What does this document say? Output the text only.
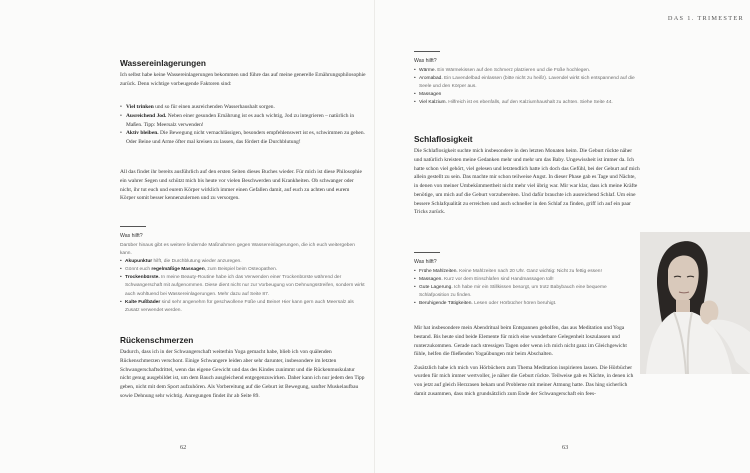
Wassereinlagerungen

Ich selbst habe keine Wassereinlagerungen bekommen und führe das auf meine generelle Ernährungsphilosophie zurück. Denn wichtige vorbeugende Faktoren sind:

• Viel trinken und so für einen ausreichenden Wasserhaushalt sorgen.
• Ausreichend Jod. Neben einer gesunden Ernährung ist es auch wichtig, Jod zu integrieren – natürlich in Maßen. Tipp: Meersalz verwenden!
• Aktiv bleiben. Die Bewegung nicht vernachlässigen, besonders empfehlenswert ist es, schwimmen zu gehen. Oder Beine und Arme öfter mal kreisen zu lassen, das fördert die Durchblutung!

All das findet ihr bereits ausführlich auf den ersten Seiten dieses Buches wieder. Für mich ist diese Philosophie ein wahrer Segen und schützt mich bis heute vor vielen Beschwerden und Krankheiten. Ob schwanger oder nicht, ihr tut euch und eurem Körper wirklich immer einen Gefallen damit, auf euch zu achten und eurem Körper somit besser kennenzulernen und zu versorgen.

Was hilft?
Darüber hinaus gibt es weitere lindernde Maßnahmen gegen Wassereinlagerungen, die ich euch weitergeben kann.
• Akupunktur hilft, die Durchblutung wieder anzuregen.
• Gönnt euch regelmäßige Massagen, zum Beispiel beim Osteopathen.
• Trockenbürste. In meine Beauty-Routine habe ich das Verwenden einer Trockenbürste während der Schwangerschaft mit aufgenommen. Diese dient nicht nur zur Vorbeugung von Dehnungsstreifen, sondern wirkt auch wohltuend bei Wassereinlagerungen. Mehr dazu auf Seite 87.
• Kalte Fußbäder sind sehr angenehm für geschwollene Füße und Beine! Hier kann gern auch Meersalz als Zusatz verwendet werden.
Rückenschmerzen

Dadurch, dass ich in der Schwangerschaft weiterhin Yoga gemacht habe, blieb ich von quälenden Rückenschmerzen verschont. Einige Schwangere leiden aber sehr darunter, insbesondere im letzten Schwangerschaftsdrittel, wenn das eigene Gewicht und das des Kindes zunimmt und die Rückenmuskulatur nicht genug ausgebildet ist, um dem Bauch ausgleichend entgegenzuwirken. Daher kann ich nur jedem den Tipp geben, nicht mit dem Sport aufzuhören. Als Vorbereitung auf die Geburt ist Bewegung, sanfter Muskelaufbau sowie Dehnung sehr wichtig. Anregungen findet ihr ab Seite 89.

62
DAS 1. TRIMESTER
Was hilft?
• Wärme. Ein Wärmekissen auf den Schmerz platzieren und die Füße hochlegen.
• Aromabad. Ein Lavendelbad einlassen (bitte nicht zu heiß!). Lavendel wirkt sich entspannend auf die Seele und den Körper aus.
• Massagen
• Viel Kalzium. Hilfreich ist es ebenfalls, auf den Kalziumhaushalt zu achten. Siehe Seite 44.
Schlaflosigkeit

Die Schlaflosigkeit suchte mich insbesondere in den letzten Monaten heim. Die Geburt rückte näher und natürlich kreisten meine Gedanken mehr und mehr um das Baby. Ungewissheit ist immer da. Ich hatte schon viel gehört, viel gelesen und letztendlich hatte ich doch das Gefühl, bei der Geburt auf mich allein gestellt zu sein. Das machte mir schon teilweise Angst. In dieser Phase gab es Tage und Nächte, in denen von meiner Umbekümmertheit nicht mehr viel übrig war. Mir war klar, dass ich meine Kräfte benötige, um mich auf die Geburt vorzubereiten. Und dafür brauchte ich ausreichend Schlaf. Um eine bessere Schlafqualität zu erreichen und auch schneller in den Schlaf zu finden, griff ich auf ein paar Tricks zurück.

Was hilft?
• Frühe Mahlzeiten. Keine Mahlzeiten nach 20 Uhr. Ganz wichtig: Nicht zu fettig essen!
• Massagen. Kurz vor dem Einschlafen sind Handmassagen toll!
• Gute Lagerung. Ich habe mir ein Stillkissen besorgt, um trotz Babybauch eine bequeme Schlafposition zu finden.
• Beruhigende Tätigkeiten. Lesen oder Hörbücher hören beruhigt.

Mir hat insbesondere mein Abendritual beim Entspannen geholfen, das aus Meditation und Yoga bestand. Bis heute sind beide Elemente für mich eine wunderbare Gelegenheit loszulassen und runterzukommen. Gerade nach stressigen Tagen oder wenn ich mich nicht ganz im Gleichgewicht fühle, helfen die fließenden Yogaübungen mir beim Abschalten.

Zusätzlich habe ich mich von Hörbüchern zum Thema Meditation inspirieren lassen. Die Hörbücher wurden für mich immer wertvoller, je näher die Geburt rückte. Teilweise gab es Nächte, in denen ich von jetzt auf gleich Herzrasen bekam und Probleme mit meiner Atmung hatte. Das hing sicherlich damit zusammen, dass mich grundsätzlich zum Ende der Schwangerschaft ein fees-

63
